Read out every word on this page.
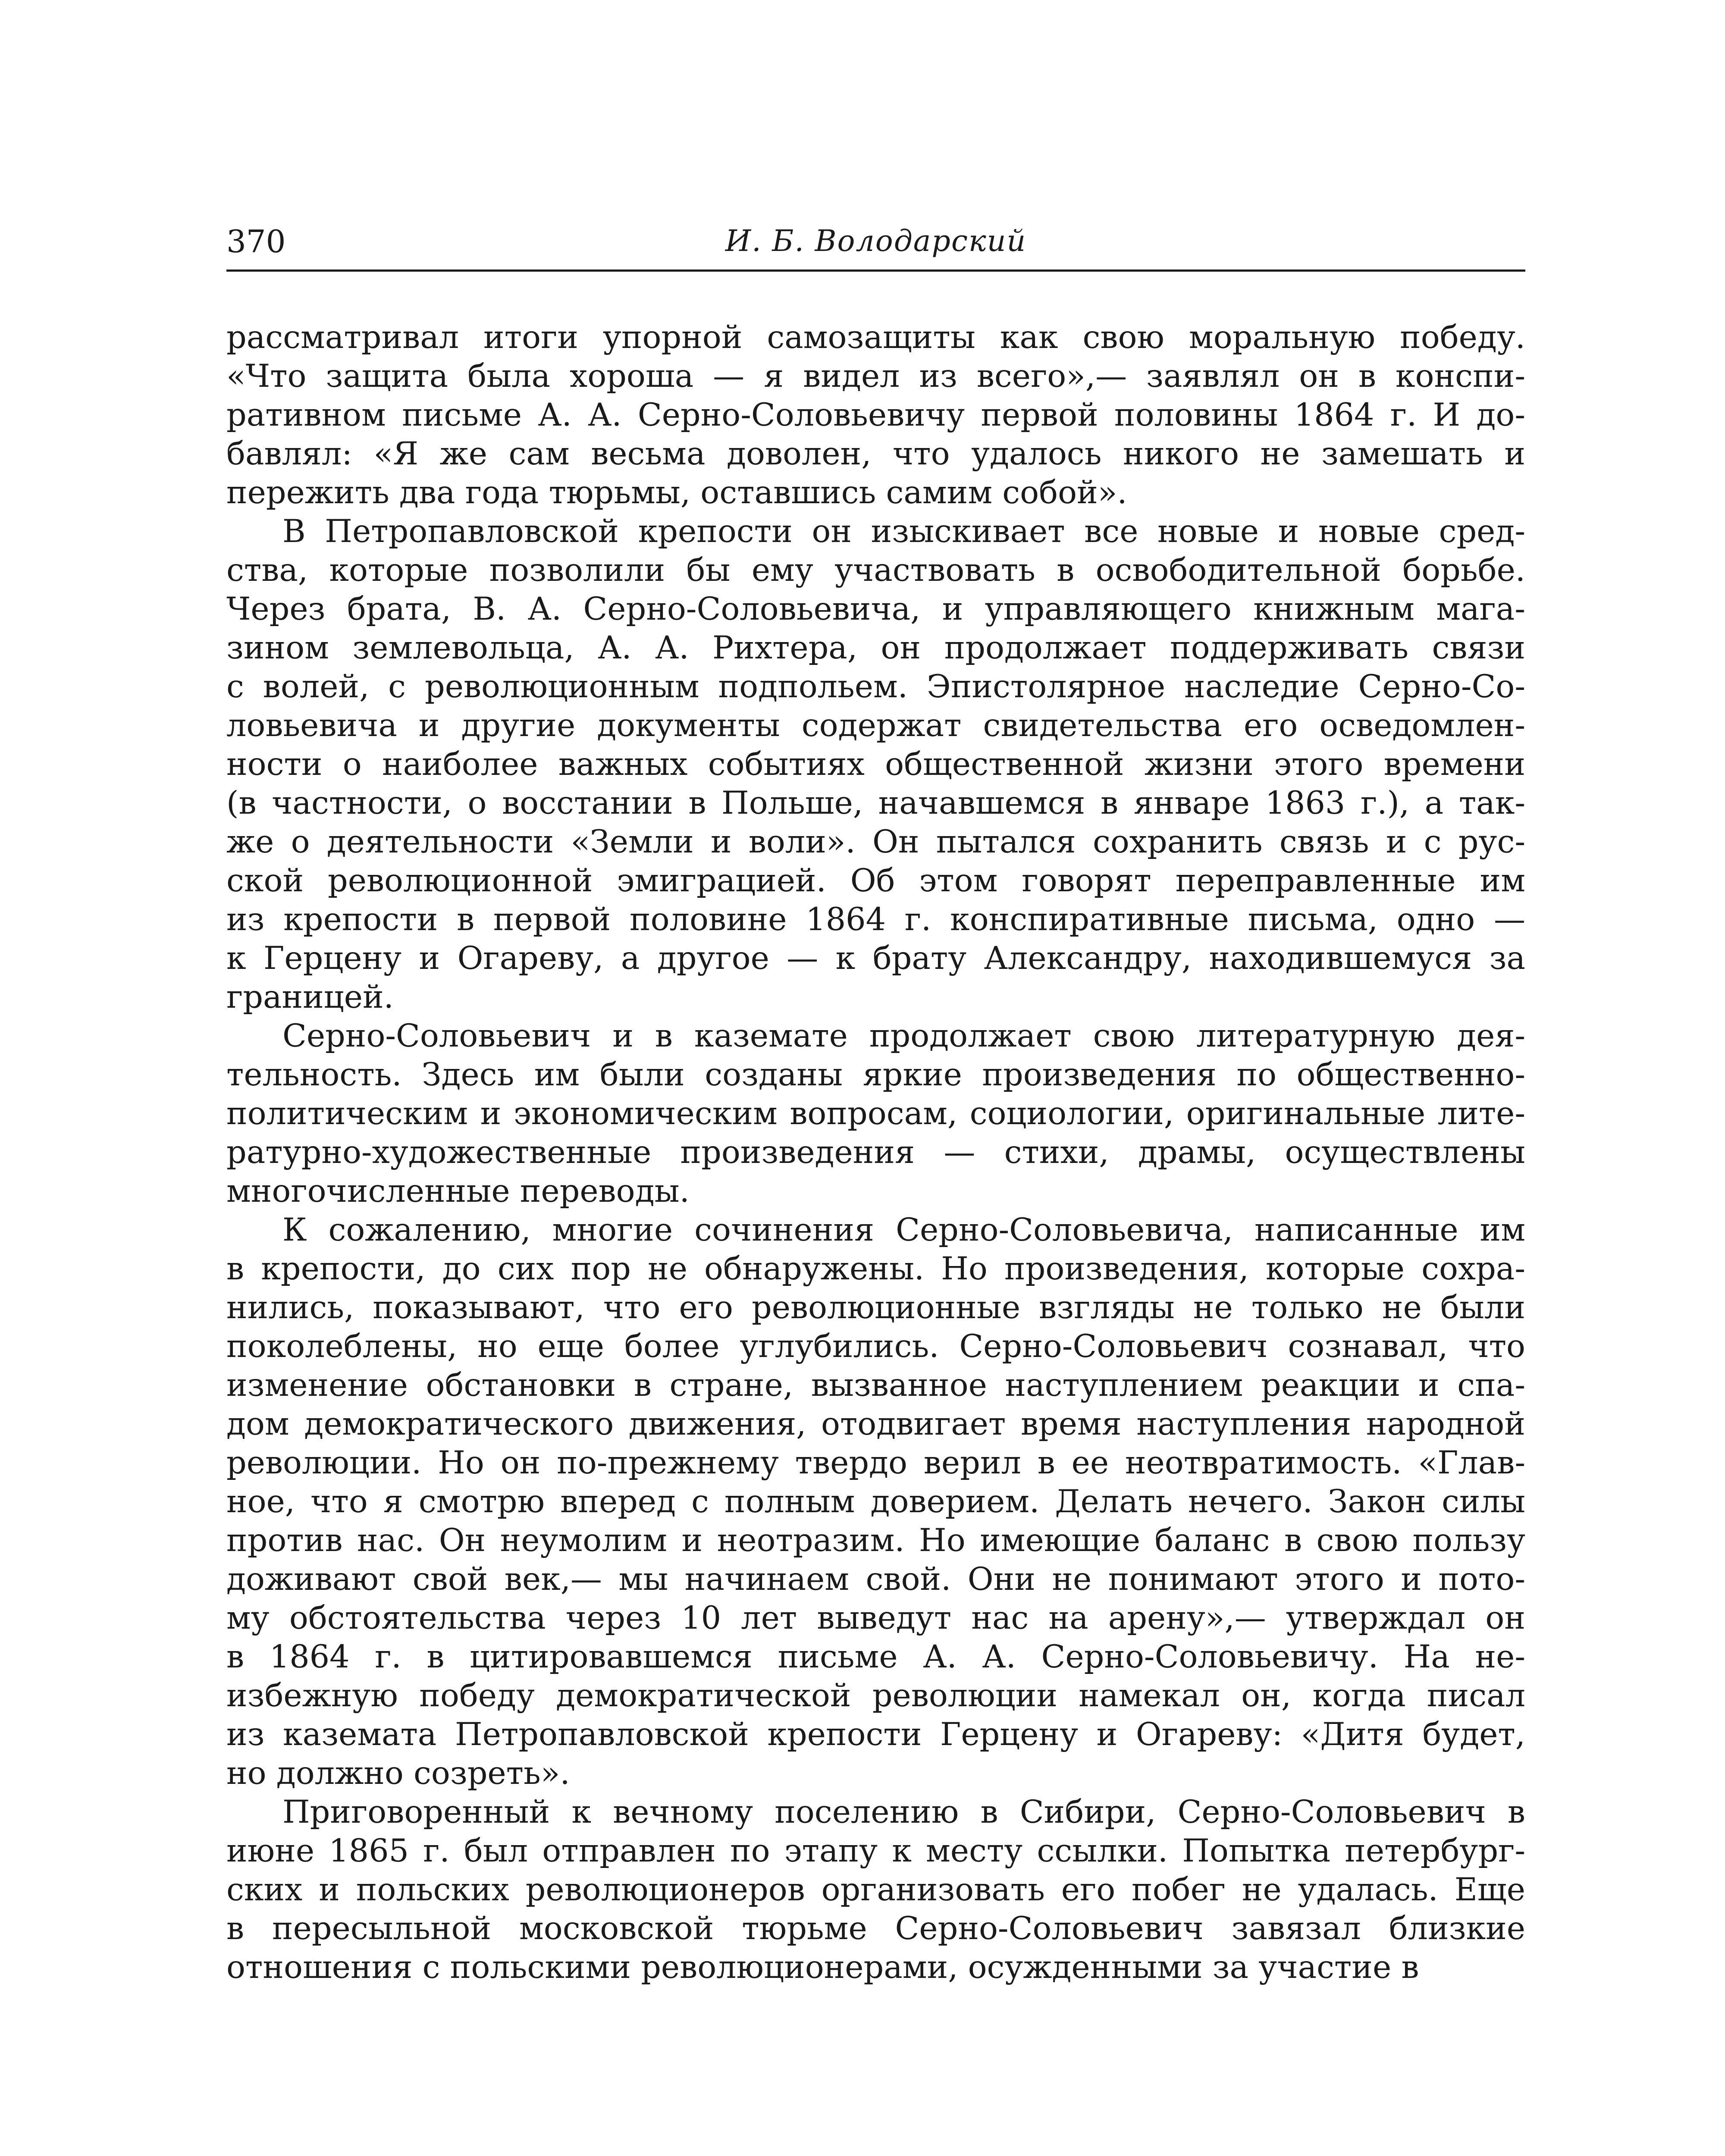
370	И. Б. Володарский
рассматривал итоги упорной самозащиты как свою моральную победу.
«Что защита была хороша — я видел из всего»,— заявлял он в конспи-
ративном письме А. А. Серно-Соловьевичу первой половины 1864 г. И до-
бавлял: «Я же сам весьма доволен, что удалось никого не замешать и
пережить два года тюрьмы, оставшись самим собой».
В Петропавловской крепости он изыскивает все новые и новые сред-
ства, которые позволили бы ему участвовать в освободительной борьбе.
Через брата, В. А. Серно-Соловьевича, и управляющего книжным мага-
зином землевольца, А. А. Рихтера, он продолжает поддерживать связи
с волей, с революционным подпольем. Эпистолярное наследие Серно-Со-
ловьевича и другие документы содержат свидетельства его осведомлен-
ности о наиболее важных событиях общественной жизни этого времени
(в частности, о восстании в Польше, начавшемся в январе 1863 г.), а так-
же о деятельности «Земли и воли». Он пытался сохранить связь и с рус-
ской революционной эмиграцией. Об этом говорят переправленные им
из крепости в первой половине 1864 г. конспиративные письма, одно —
к Герцену и Огареву, а другое — к брату Александру, находившемуся за
границей.
Серно-Соловьевич и в каземате продолжает свою литературную дея-
тельность. Здесь им были созданы яркие произведения по общественно-
политическим и экономическим вопросам, социологии, оригинальные лите-
ратурно-художественные произведения — стихи, драмы, осуществлены
многочисленные переводы.
К сожалению, многие сочинения Серно-Соловьевича, написанные им
в крепости, до сих пор не обнаружены. Но произведения, которые сохра-
нились, показывают, что его революционные взгляды не только не были
поколеблены, но еще более углубились. Серно-Соловьевич сознавал, что
изменение обстановки в стране, вызванное наступлением реакции и спа-
дом демократического движения, отодвигает время наступления народной
революции. Но он по-прежнему твердо верил в ее неотвратимость. «Глав-
ное, что я смотрю вперед с полным доверием. Делать нечего. Закон силы
против нас. Он неумолим и неотразим. Но имеющие баланс в свою пользу
доживают свой век,— мы начинаем свой. Они не понимают этого и пото-
му обстоятельства через 10 лет выведут нас на арену»,— утверждал он
в 1864 г. в цитировавшемся письме А. А. Серно-Соловьевичу. На не-
избежную победу демократической революции намекал он, когда писал
из каземата Петропавловской крепости Герцену и Огареву: «Дитя будет,
но должно созреть».
Приговоренный к вечному поселению в Сибири, Серно-Соловьевич в
июне 1865 г. был отправлен по этапу к месту ссылки. Попытка петербург-
ских и польских революционеров организовать его побег не удалась. Еще
в пересыльной московской тюрьме Серно-Соловьевич завязал близкие
отношения с польскими революционерами, осужденными за участие в
